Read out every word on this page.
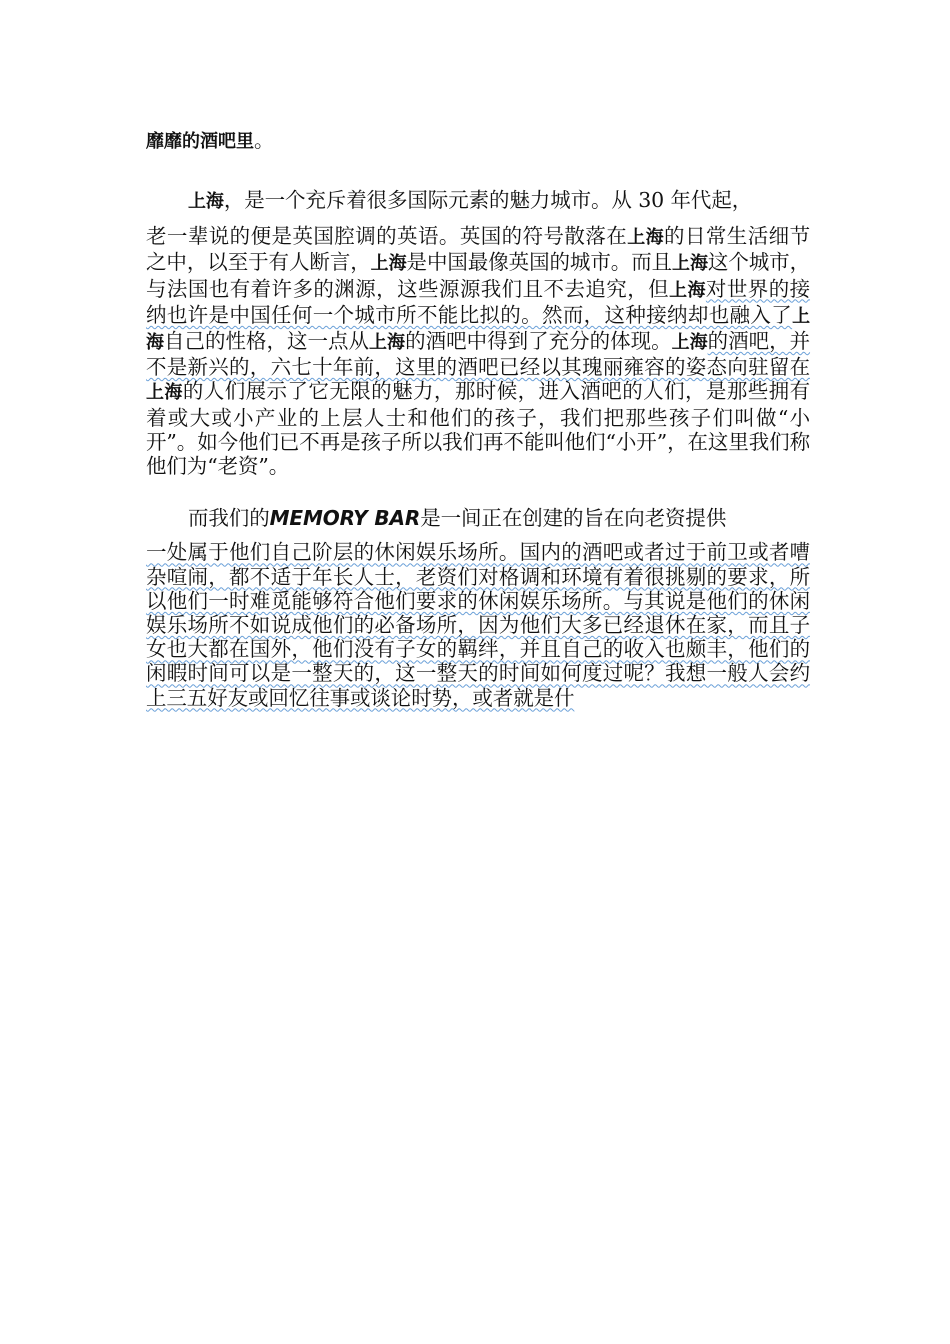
靡靡的酒吧里。

上海，是一个充斥着很多国际元素的魅力城市。从 30 年代起，
老一辈说的便是英国腔调的英语。英国的符号散落在上海的日常生活细节之中，以至于有人断言，上海是中国最像英国的城市。而且上海这个城市，与法国也有着许多的渊源，这些源源我们且不去追究，但上海对世界的接纳也许是中国任何一个城市所不能比拟的。然而，这种接纳却也融入了上海自己的性格，这一点从上海的酒吧中得到了充分的体现。上海的酒吧，并不是新兴的，六七十年前，这里的酒吧已经以其瑰丽雍容的姿态向驻留在上海的人们展示了它无限的魅力，那时候，进入酒吧的人们，是那些拥有着或大或小产业的上层人士和他们的孩子，我们把那些孩子们叫做“小开”。如今他们已不再是孩子所以我们再不能叫他们“小开”，在这里我们称他们为“老资”。

而我们的MEMORY BAR是一间正在创建的旨在向老资提供
一处属于他们自己阶层的休闲娱乐场所。国内的酒吧或者过于前卫或者嘈杂喧闹，都不适于年长人士，老资们对格调和环境有着很挑剔的要求，所以他们一时难觅能够符合他们要求的休闲娱乐场所。与其说是他们的休闲娱乐场所不如说成他们的必备场所，因为他们大多已经退休在家，而且子女也大都在国外，他们没有子女的羁绊，并且自己的收入也颇丰，他们的闲暇时间可以是一整天的，这一整天的时间如何度过呢？我想一般人会约上三五好友或回忆往事或谈论时势，或者就是什
